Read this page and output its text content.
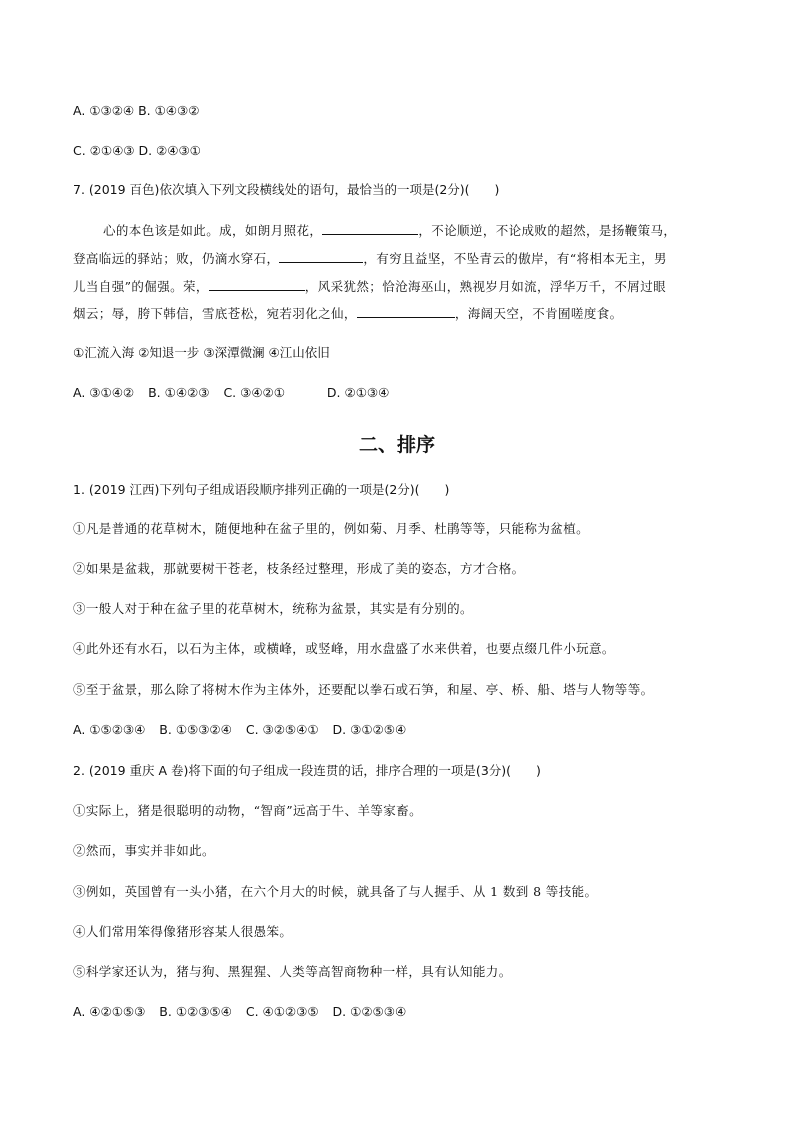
A. ①③②④ B. ①④③②
C. ②①④③ D. ②④③①
7. (2019 百色)依次填入下列文段横线处的语句，最恰当的一项是(2分)(　　)
心的本色该是如此。成，如朗月照花，	，不论顺逆，不论成败的超然，是扬鞭策马，
登高临远的驿站；败，仍滴水穿石，	，有穷且益坚，不坠青云的傲岸，有“将相本无主，男
儿当自强”的倔强。荣，	，风采犹然；恰沧海巫山，熟视岁月如流，浮华万千，不屑过眼
烟云；辱，胯下韩信，雪底苍松，宛若羽化之仙，	，海阔天空，不肯囿嗟度食。
①汇流入海 ②知退一步 ③深潭微澜 ④江山依旧
A. ③①④② B. ①④②③ C. ③④②①	D. ②①③④
二、排序
1. (2019 江西)下列句子组成语段顺序排列正确的一项是(2分)(　　)
①凡是普通的花草树木，随便地种在盆子里的，例如菊、月季、杜鹃等等，只能称为盆植。
②如果是盆栽，那就要树干苍老，枝条经过整理，形成了美的姿态，方才合格。
③一般人对于种在盆子里的花草树木，统称为盆景，其实是有分别的。
④此外还有水石，以石为主体，或横峰，或竖峰，用水盘盛了水来供着，也要点缀几件小玩意。
⑤至于盆景，那么除了将树木作为主体外，还要配以拳石或石笋，和屋、亭、桥、船、塔与人物等等。
A. ①⑤②③④ B. ①⑤③②④ C. ③②⑤④① D. ③①②⑤④
2. (2019 重庆 A 卷)将下面的句子组成一段连贯的话，排序合理的一项是(3分)(　　)
①实际上，猪是很聪明的动物，“智商”远高于牛、羊等家畜。
②然而，事实并非如此。
③例如，英国曾有一头小猪，在六个月大的时候，就具备了与人握手、从 1 数到 8 等技能。
④人们常用笨得像猪形容某人很愚笨。
⑤科学家还认为，猪与狗、黑猩猩、人类等高智商物种一样，具有认知能力。
A. ④②①⑤③ B. ①②③⑤④ C. ④①②③⑤ D. ①②⑤③④
